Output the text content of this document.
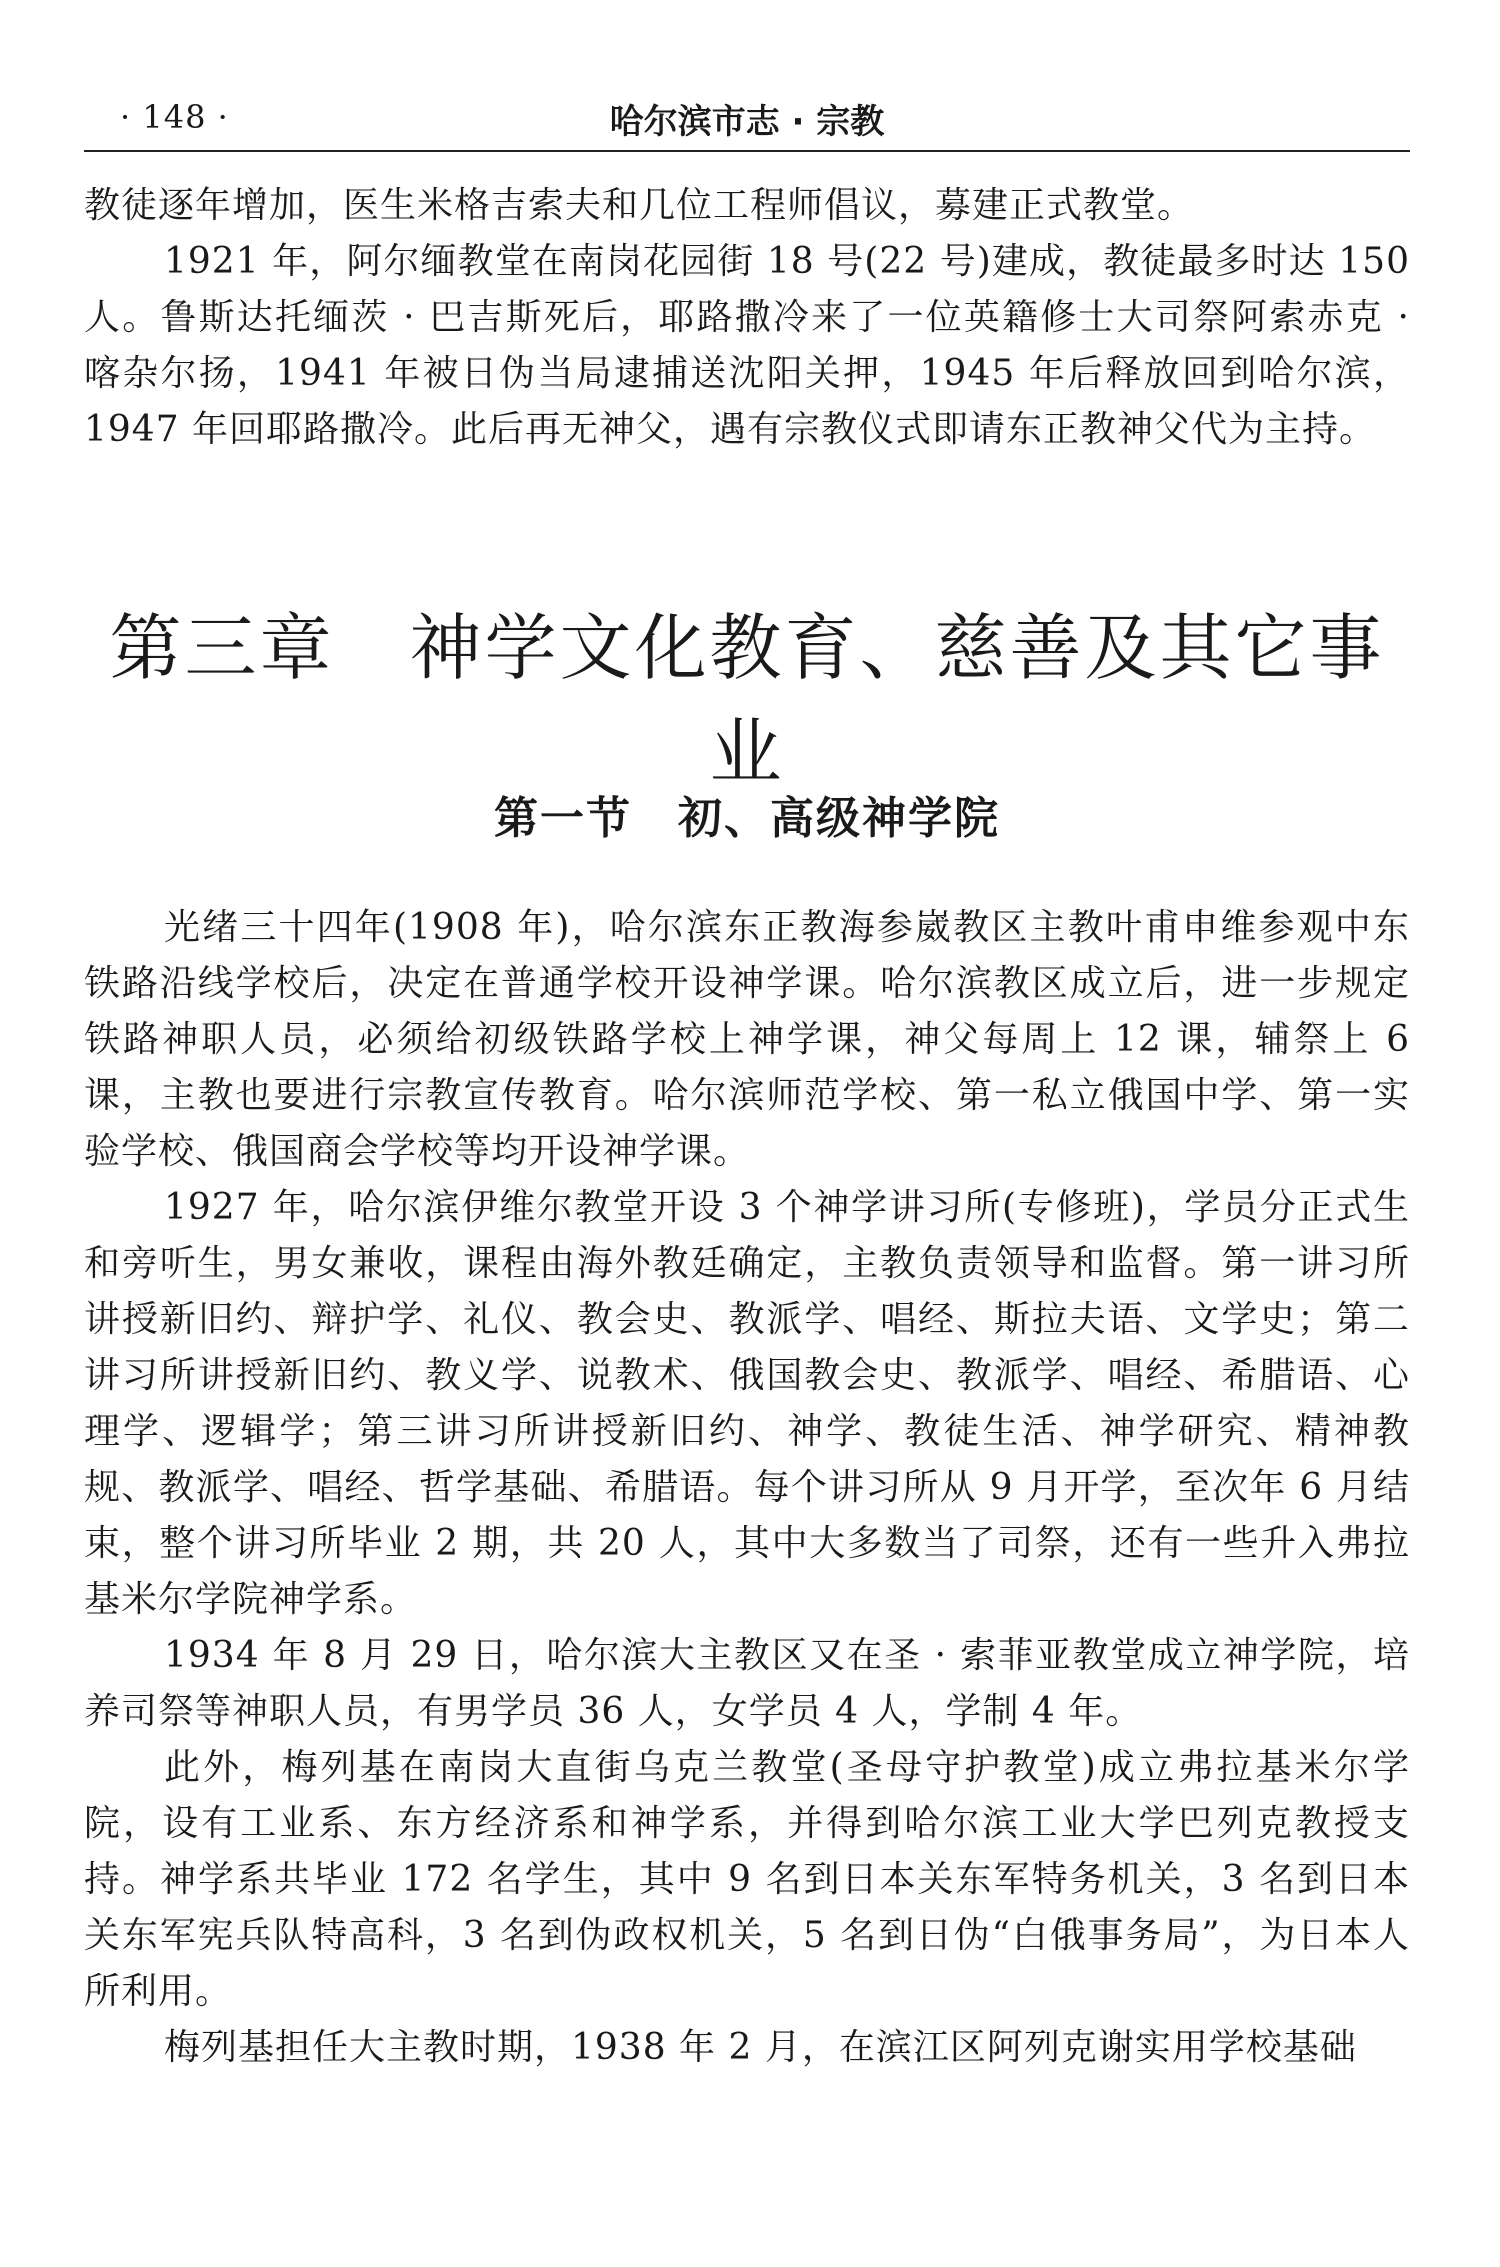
· 148 ·	哈尔滨市志 · 宗教

教徒逐年增加，医生米格吉索夫和几位工程师倡议，募建正式教堂。

1921 年，阿尔缅教堂在南岗花园街 18 号(22 号)建成，教徒最多时达 150 人。鲁斯达托缅茨 · 巴吉斯死后，耶路撒冷来了一位英籍修士大司祭阿索赤克 · 喀杂尔扬，1941 年被日伪当局逮捕送沈阳关押，1945 年后释放回到哈尔滨，1947 年回耶路撒冷。此后再无神父，遇有宗教仪式即请东正教神父代为主持。

第三章　神学文化教育、慈善及其它事业
第一节　初、高级神学院

光绪三十四年(1908 年)，哈尔滨东正教海参崴教区主教叶甫申维参观中东铁路沿线学校后，决定在普通学校开设神学课。哈尔滨教区成立后，进一步规定铁路神职人员，必须给初级铁路学校上神学课，神父每周上 12 课，辅祭上 6 课，主教也要进行宗教宣传教育。哈尔滨师范学校、第一私立俄国中学、第一实验学校、俄国商会学校等均开设神学课。

1927 年，哈尔滨伊维尔教堂开设 3 个神学讲习所(专修班)，学员分正式生和旁听生，男女兼收，课程由海外教廷确定，主教负责领导和监督。第一讲习所讲授新旧约、辩护学、礼仪、教会史、教派学、唱经、斯拉夫语、文学史；第二讲习所讲授新旧约、教义学、说教术、俄国教会史、教派学、唱经、希腊语、心理学、逻辑学；第三讲习所讲授新旧约、神学、教徒生活、神学研究、精神教规、教派学、唱经、哲学基础、希腊语。每个讲习所从 9 月开学，至次年 6 月结束，整个讲习所毕业 2 期，共 20 人，其中大多数当了司祭，还有一些升入弗拉基米尔学院神学系。

1934 年 8 月 29 日，哈尔滨大主教区又在圣 · 索菲亚教堂成立神学院，培养司祭等神职人员，有男学员 36 人，女学员 4 人，学制 4 年。

此外，梅列基在南岗大直街乌克兰教堂(圣母守护教堂)成立弗拉基米尔学院，设有工业系、东方经济系和神学系，并得到哈尔滨工业大学巴列克教授支持。神学系共毕业 172 名学生，其中 9 名到日本关东军特务机关，3 名到日本关东军宪兵队特高科，3 名到伪政权机关，5 名到日伪“白俄事务局”，为日本人所利用。

梅列基担任大主教时期，1938 年 2 月，在滨江区阿列克谢实用学校基础
